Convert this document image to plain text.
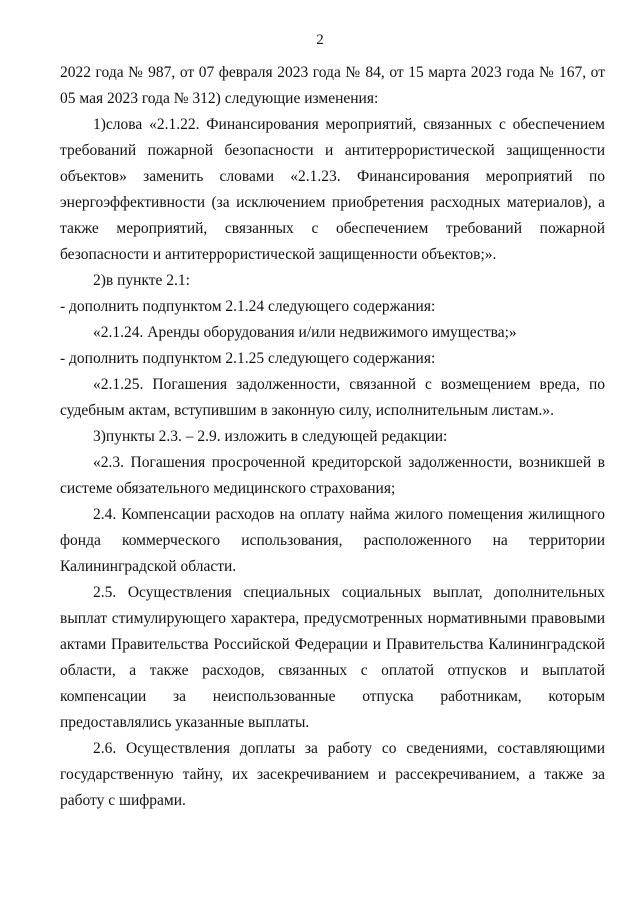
2

2022 года № 987, от 07 февраля 2023 года № 84, от 15 марта 2023 года № 167, от 05 мая 2023 года № 312) следующие изменения:

1)слова «2.1.22. Финансирования мероприятий, связанных с обеспечением требований пожарной безопасности и антитеррористической защищенности объектов» заменить словами «2.1.23. Финансирования мероприятий по энергоэффективности (за исключением приобретения расходных материалов), а также мероприятий, связанных с обеспечением требований пожарной безопасности и антитеррористической защищенности объектов;».

2)в пункте 2.1:

- дополнить подпунктом 2.1.24 следующего содержания:

«2.1.24. Аренды оборудования и/или недвижимого имущества;»

- дополнить подпунктом 2.1.25 следующего содержания:

«2.1.25. Погашения задолженности, связанной с возмещением вреда, по судебным актам, вступившим в законную силу, исполнительным листам.».

3)пункты 2.3. – 2.9. изложить в следующей редакции:

«2.3. Погашения просроченной кредиторской задолженности, возникшей в системе обязательного медицинского страхования;

2.4. Компенсации расходов на оплату найма жилого помещения жилищного фонда коммерческого использования, расположенного на территории Калининградской области.

2.5. Осуществления специальных социальных выплат, дополнительных выплат стимулирующего характера, предусмотренных нормативными правовыми актами Правительства Российской Федерации и Правительства Калининградской области, а также расходов, связанных с оплатой отпусков и выплатой компенсации за неиспользованные отпуска работникам, которым предоставлялись указанные выплаты.

2.6. Осуществления доплаты за работу со сведениями, составляющими государственную тайну, их засекречиванием и рассекречиванием, а также за работу с шифрами.
